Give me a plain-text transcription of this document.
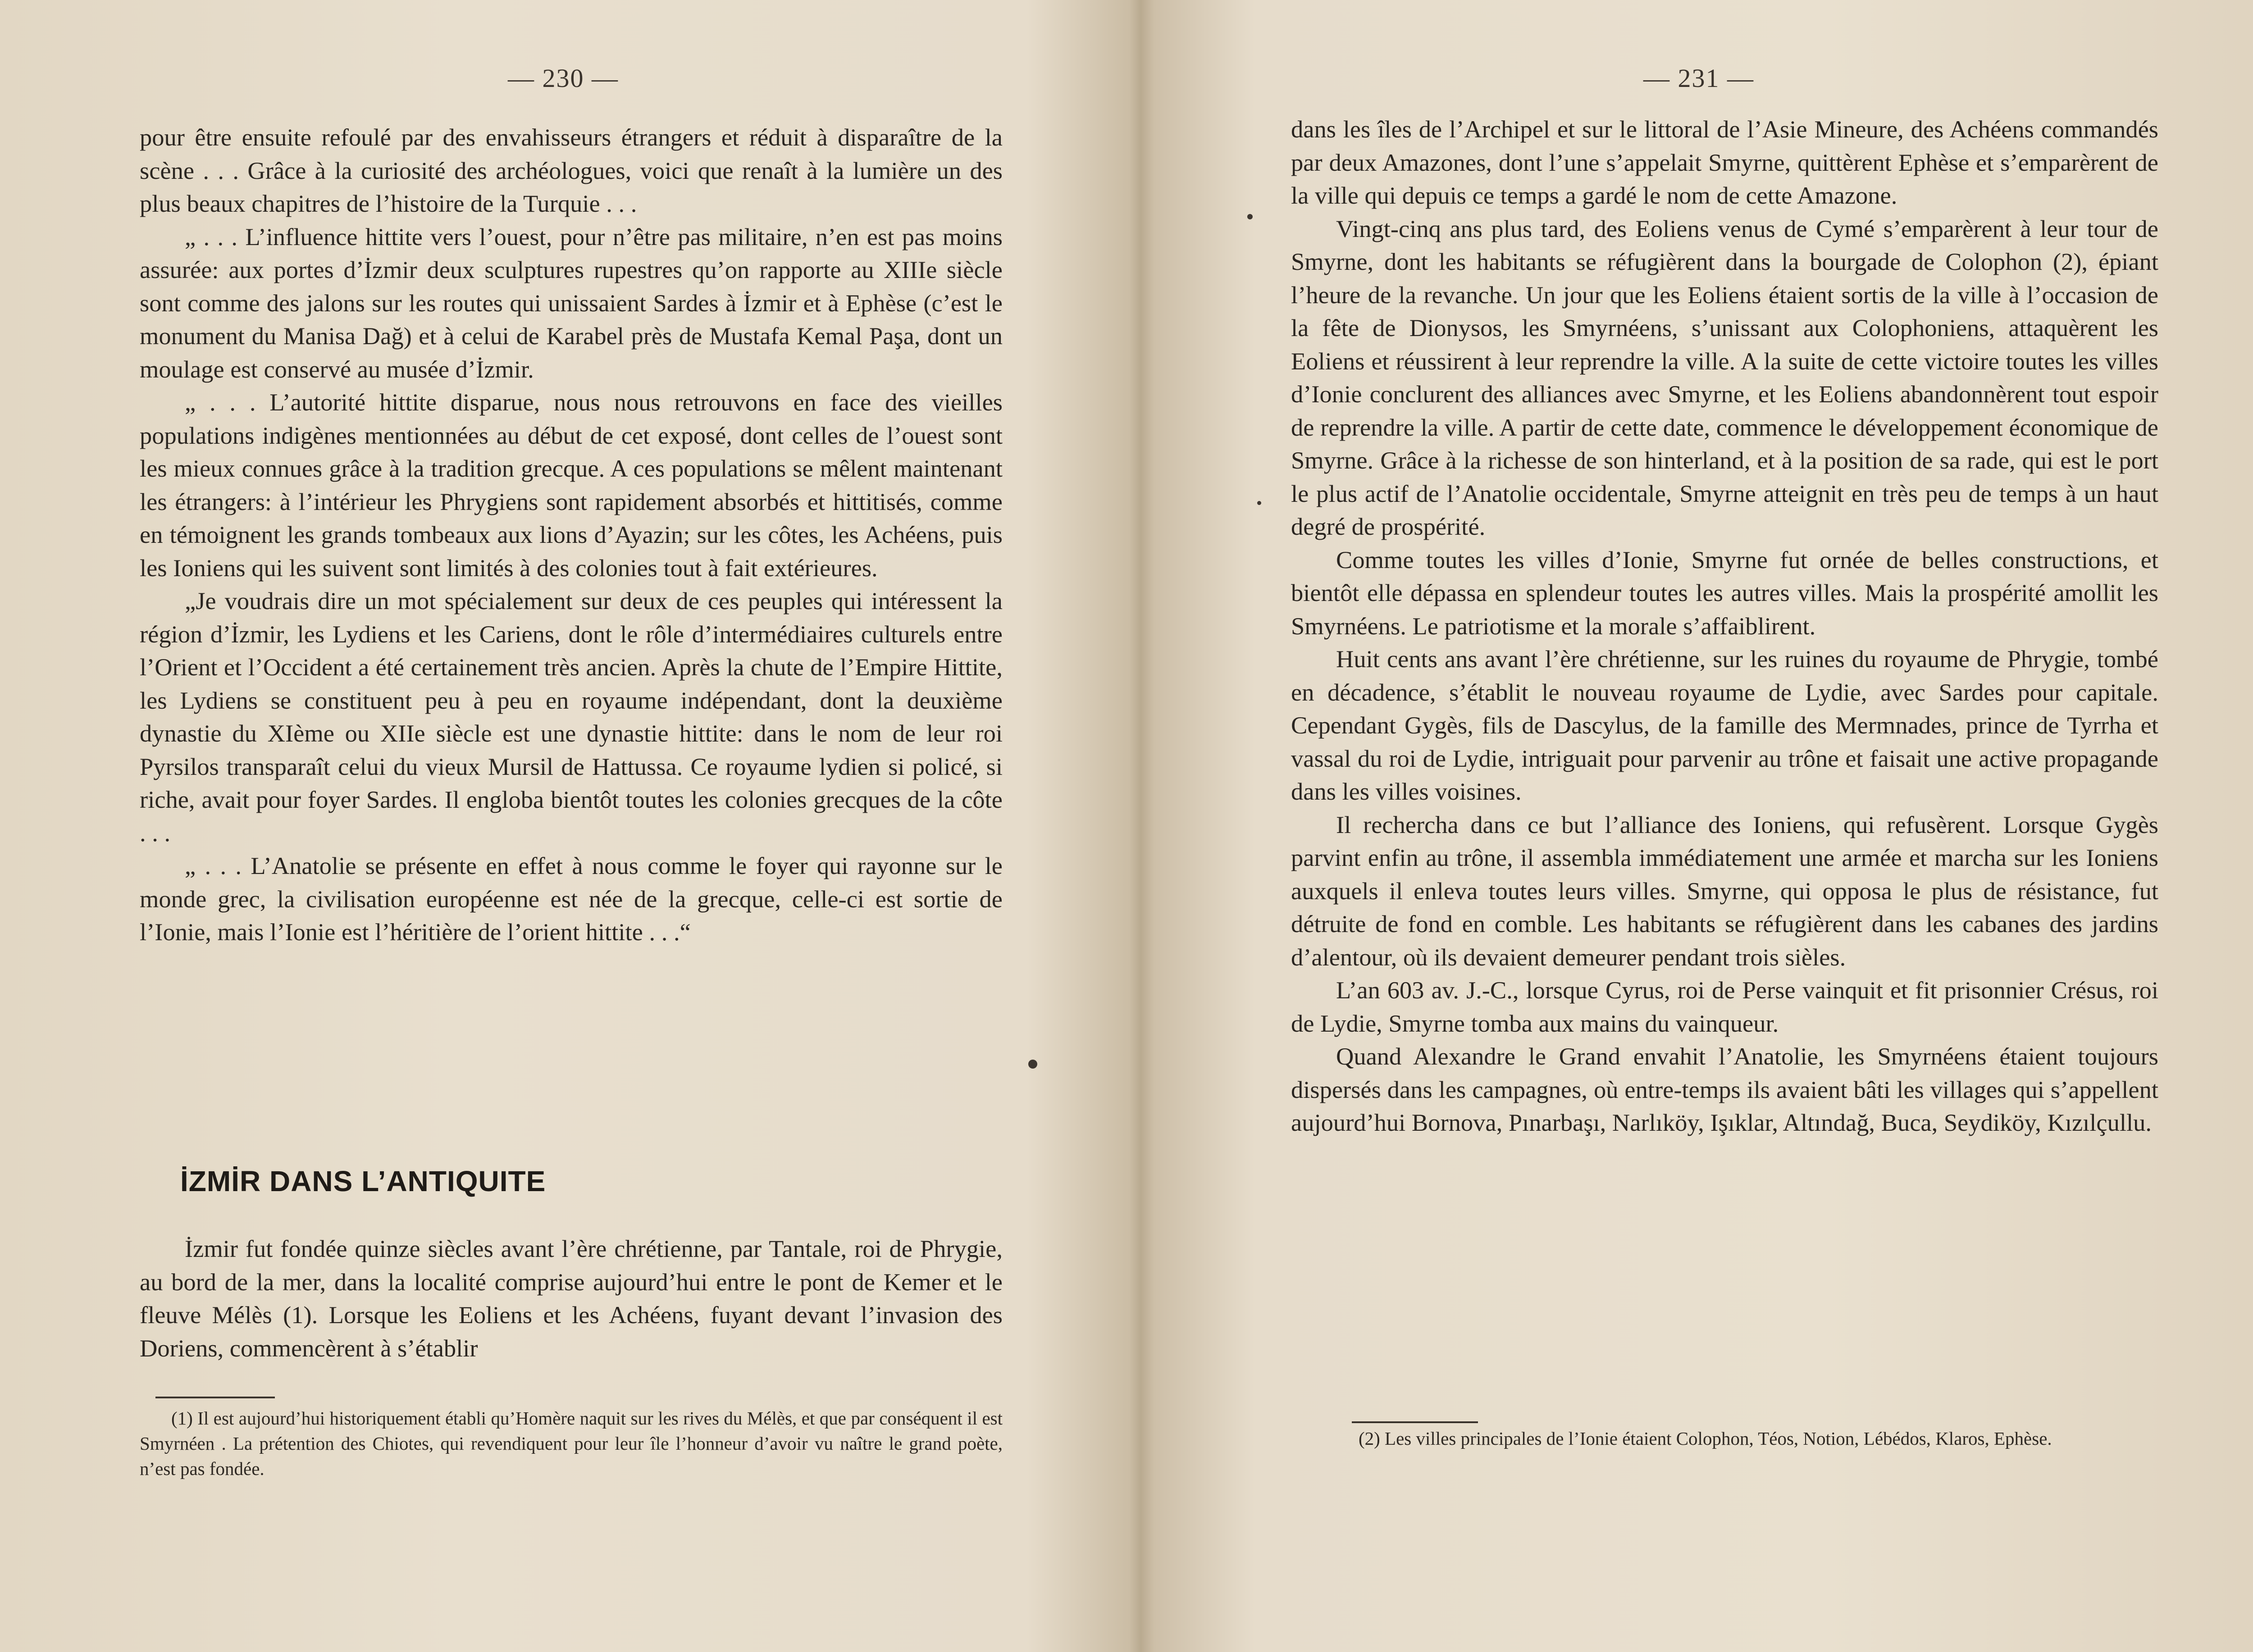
— 230 —

pour être ensuite refoulé par des envahisseurs étrangers et réduit à disparaître de la scène . . . Grâce à la curiosité des archéologues, voici que renaît à la lumière un des plus beaux chapitres de l’histoire de la Turquie . . .

„ . . . L’influence hittite vers l’ouest, pour n’être pas militaire, n’en est pas moins assurée: aux portes d’İzmir deux sculptures rupestres qu’on rapporte au XIIIe siècle sont comme des jalons sur les routes qui unissaient Sardes à İzmir et à Ephèse (c’est le monument du Manisa Dağ) et à celui de Karabel près de Mustafa Kemal Paşa, dont un moulage est conservé au musée d’İzmir.

„ . . . L’autorité hittite disparue, nous nous retrouvons en face des vieilles populations indigènes mentionnées au début de cet exposé, dont celles de l’ouest sont les mieux connues grâce à la tradition grecque. A ces populations se mêlent maintenant les étrangers: à l’intérieur les Phrygiens sont rapidement absorbés et hittitisés, comme en témoignent les grands tombeaux aux lions d’Ayazin; sur les côtes, les Achéens, puis les Ioniens qui les suivent sont limités à des colonies tout à fait extérieures.

„Je voudrais dire un mot spécialement sur deux de ces peuples qui intéressent la région d’İzmir, les Lydiens et les Cariens, dont le rôle d’intermédiaires culturels entre l’Orient et l’Occident a été certainement très ancien. Après la chute de l’Empire Hittite, les Lydiens se constituent peu à peu en royaume indépendant, dont la deuxième dynastie du XIème ou XIIe siècle est une dynastie hittite: dans le nom de leur roi Pyrsilos transparaît celui du vieux Mursil de Hattussa. Ce royaume lydien si policé, si riche, avait pour foyer Sardes. Il engloba bientôt toutes les colonies grecques de la côte . . .

„ . . . L’Anatolie se présente en effet à nous comme le foyer qui rayonne sur le monde grec, la civilisation européenne est née de la grecque, celle-ci est sortie de l’Ionie, mais l’Ionie est l’héritière de l’orient hittite . . .“

İZMİR DANS L’ANTIQUITE

İzmir fut fondée quinze siècles avant l’ère chrétienne, par Tantale, roi de Phrygie, au bord de la mer, dans la localité comprise aujourd’hui entre le pont de Kemer et le fleuve Mélès (1). Lorsque les Eoliens et les Achéens, fuyant devant l’invasion des Doriens, commencèrent à s’établir

(1) Il est aujourd’hui historiquement établi qu’Homère naquit sur les rives du Mélès, et que par conséquent il est Smyrnéen . La prétention des Chiotes, qui revendiquent pour leur île l’honneur d’avoir vu naître le grand poète, n’est pas fondée.
— 231 —

dans les îles de l’Archipel et sur le littoral de l’Asie Mineure, des Achéens commandés par deux Amazones, dont l’une s’appelait Smyrne, quittèrent Ephèse et s’emparèrent de la ville qui depuis ce temps a gardé le nom de cette Amazone.

Vingt-cinq ans plus tard, des Eoliens venus de Cymé s’emparèrent à leur tour de Smyrne, dont les habitants se réfugièrent dans la bourgade de Colophon (2), épiant l’heure de la revanche. Un jour que les Eoliens étaient sortis de la ville à l’occasion de la fête de Dionysos, les Smyrnéens, s’unissant aux Colophoniens, attaquèrent les Eoliens et réussirent à leur reprendre la ville. A la suite de cette victoire toutes les villes d’Ionie conclurent des alliances avec Smyrne, et les Eoliens abandonnèrent tout espoir de reprendre la ville. A partir de cette date, commence le développement économique de Smyrne. Grâce à la richesse de son hinterland, et à la position de sa rade, qui est le port le plus actif de l’Anatolie occidentale, Smyrne atteignit en très peu de temps à un haut degré de prospérité.

Comme toutes les villes d’Ionie, Smyrne fut ornée de belles constructions, et bientôt elle dépassa en splendeur toutes les autres villes. Mais la prospérité amollit les Smyrnéens. Le patriotisme et la morale s’affaiblirent.

Huit cents ans avant l’ère chrétienne, sur les ruines du royaume de Phrygie, tombé en décadence, s’établit le nouveau royaume de Lydie, avec Sardes pour capitale. Cependant Gygès, fils de Dascylus, de la famille des Mermnades, prince de Tyrrha et vassal du roi de Lydie, intriguait pour parvenir au trône et faisait une active propagande dans les villes voisines.

Il rechercha dans ce but l’alliance des Ioniens, qui refusèrent. Lorsque Gygès parvint enfin au trône, il assembla immédiatement une armée et marcha sur les Ioniens auxquels il enleva toutes leurs villes. Smyrne, qui opposa le plus de résistance, fut détruite de fond en comble. Les habitants se réfugièrent dans les cabanes des jardins d’alentour, où ils devaient demeurer pendant trois sièles.

L’an 603 av. J.-C., lorsque Cyrus, roi de Perse vainquit et fit prisonnier Crésus, roi de Lydie, Smyrne tomba aux mains du vainqueur.

Quand Alexandre le Grand envahit l’Anatolie, les Smyrnéens étaient toujours dispersés dans les campagnes, où entre-temps ils avaient bâti les villages qui s’appellent aujourd’hui Bornova, Pınarbaşı, Narlıköy, Işıklar, Altındağ, Buca, Seydiköy, Kızılçullu.

(2) Les villes principales de l’Ionie étaient Colophon, Téos, Notion, Lébédos, Klaros, Ephèse.
